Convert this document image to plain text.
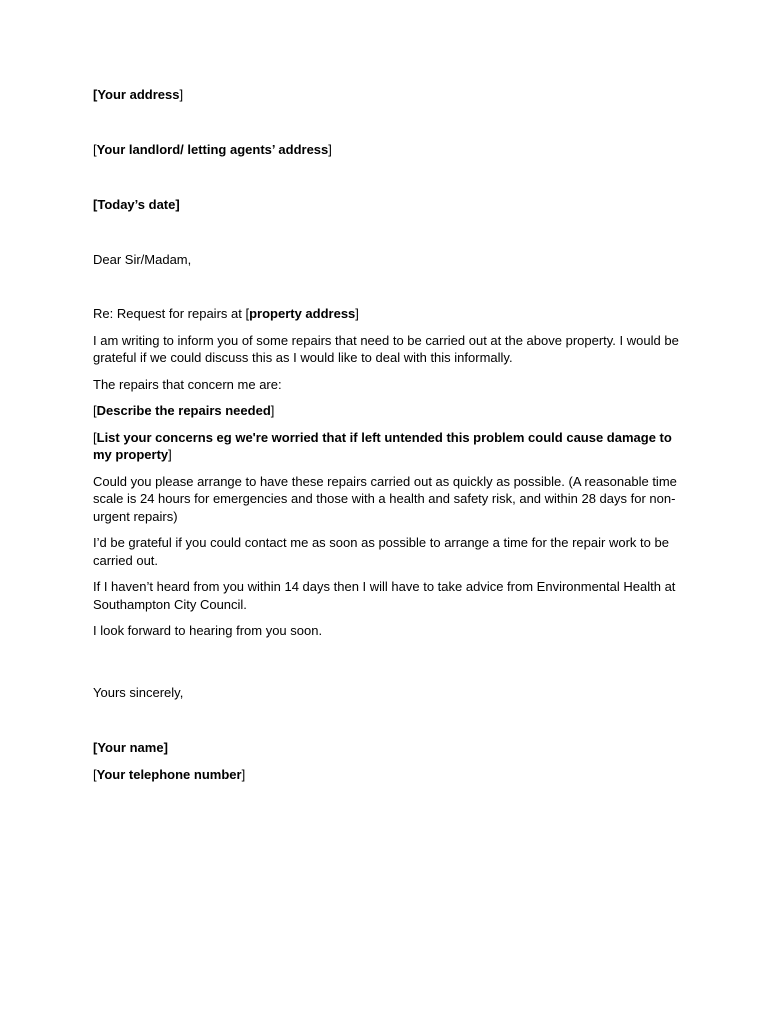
[Your address]
[Your landlord/ letting agents’ address]
[Today’s date]
Dear Sir/Madam,

Re: Request for repairs at [property address]

I am writing to inform you of some repairs that need to be carried out at the above property. I would be grateful if we could discuss this as I would like to deal with this informally.

The repairs that concern me are:

[Describe the repairs needed]

[List your concerns eg we're worried that if left untended this problem could cause damage to my property]

Could you please arrange to have these repairs carried out as quickly as possible. (A reasonable time scale is 24 hours for emergencies and those with a health and safety risk, and within 28 days for non-urgent repairs)

I’d be grateful if you could contact me as soon as possible to arrange a time for the repair work to be carried out.

If I haven’t heard from you within 14 days then I will have to take advice from Environmental Health at Southampton City Council.

I look forward to hearing from you soon.

Yours sincerely,
[Your name]
[Your telephone number]
